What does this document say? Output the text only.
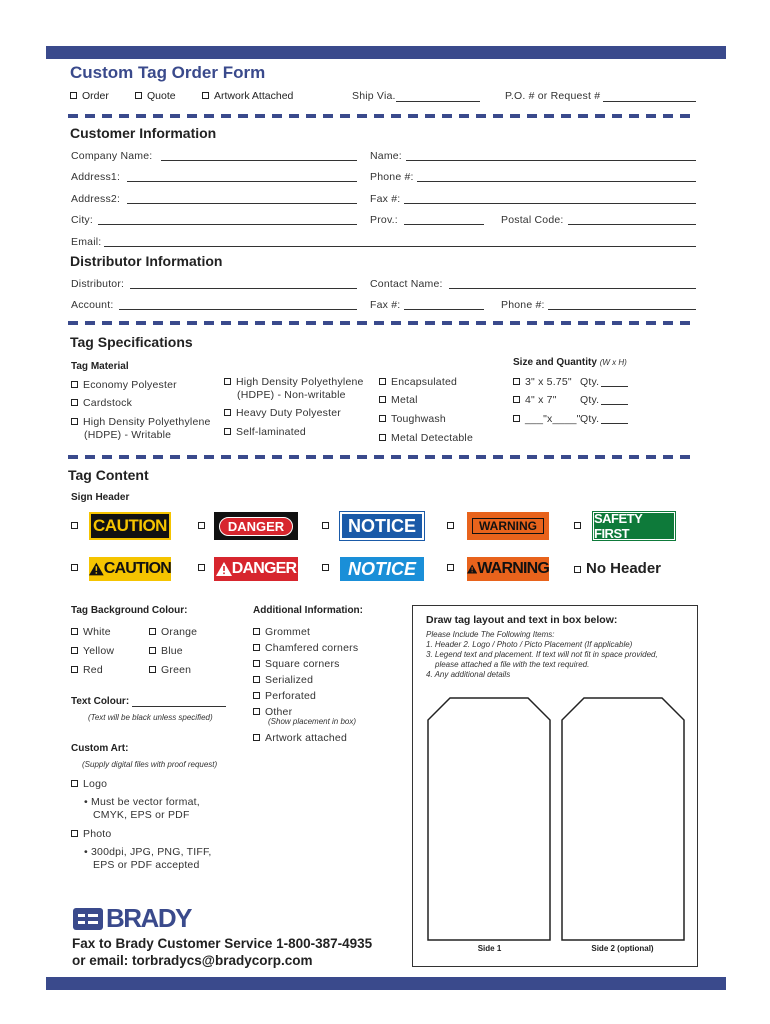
Custom Tag Order Form
Order	Quote	Artwork Attached	Ship Via.	P.O. # or Request #
Customer Information
Company Name:	Name:
Address1:	Phone #:
Address2:	Fax #:
City:	Prov.:	Postal Code:
Email:
Distributor Information
Distributor:	Contact Name:
Account:	Fax #:	Phone #:
Tag Specifications
Tag Material	Size and Quantity (W x H)
Economy Polyester
Cardstock
High Density Polyethylene
(HDPE) - Writable
High Density Polyethylene
(HDPE) - Non-writable
Heavy Duty Polyester
Self-laminated
Encapsulated
Metal
Toughwash
Metal Detectable
3" x 5.75" Qty.
4" x 7" Qty.
___"x____" Qty.
Tag Content
Sign Header
CAUTION	DANGER	NOTICE	WARNING	SAFETY FIRST
CAUTION	DANGER	NOTICE	WARNING	No Header
Tag Background Colour:
White
Yellow
Red
Orange
Blue
Green
Text Colour:
(Text will be black unless specified)
Custom Art:
(Supply digital files with proof request)
Logo
• Must be vector format,
CMYK, EPS or PDF
Photo
• 300dpi, JPG, PNG, TIFF,
EPS or PDF accepted
Additional Information:
Grommet
Chamfered corners
Square corners
Serialized
Perforated
Other
(Show placement in box)
Artwork attached
Draw tag layout and text in box below:
Please Include The Following Items:
1. Header 2. Logo / Photo / Picto Placement (If applicable)
3. Legend text and placement. If text will not fit in space provided,
please attached a file with the text required.
4. Any additional details
Side 1	Side 2 (optional)
BRADY
Fax to Brady Customer Service 1-800-387-4935
or email: torbradycs@bradycorp.com
